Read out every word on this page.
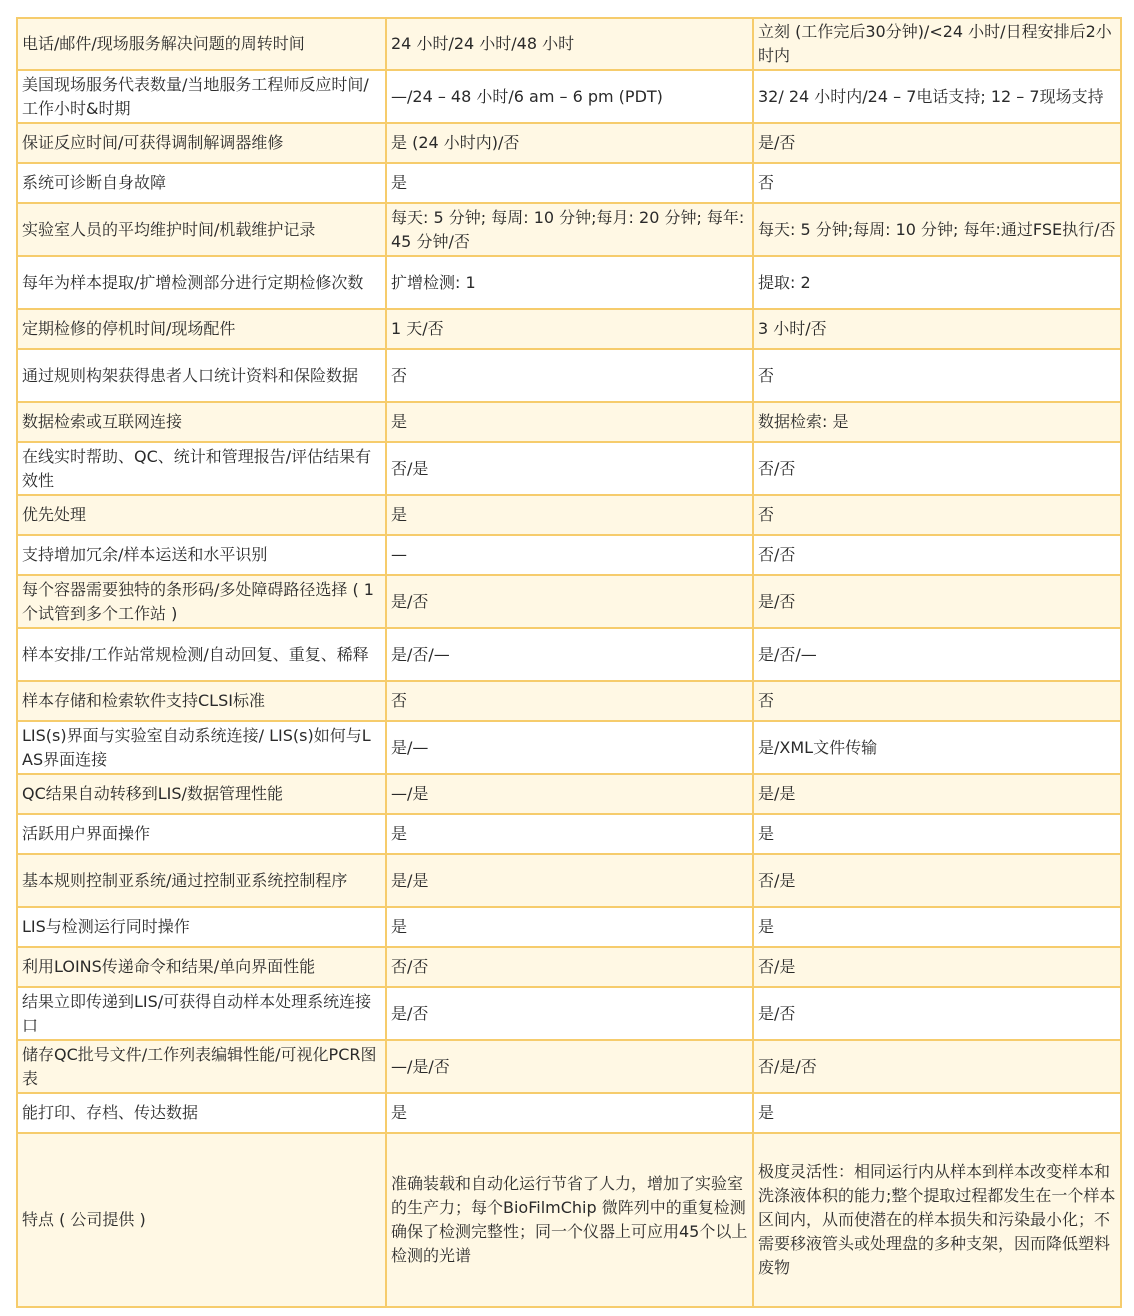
电话/邮件/现场服务解决问题的周转时间	24 小时/24 小时/48 小时	立刻 (工作完后30分钟)/<24 小时/日程安排后2小时内
美国现场服务代表数量/当地服务工程师反应时间/工作小时&时期	—/24 – 48 小时/6 am – 6 pm (PDT)	32/ 24 小时内/24 – 7电话支持; 12 – 7现场支持
保证反应时间/可获得调制解调器维修	是 (24 小时内)/否	是/否
系统可诊断自身故障	是	否
实验室人员的平均维护时间/机载维护记录	每天: 5 分钟; 每周: 10 分钟;每月: 20 分钟; 每年: 45 分钟/否	每天: 5 分钟;每周: 10 分钟; 每年:通过FSE执行/否
每年为样本提取/扩增检测部分进行定期检修次数	扩增检测: 1	提取: 2
定期检修的停机时间/现场配件	1 天/否	3 小时/否
通过规则构架获得患者人口统计资料和保险数据	否	否
数据检索或互联网连接	是	数据检索: 是
在线实时帮助、QC、统计和管理报告/评估结果有效性	否/是	否/否
优先处理	是	否
支持增加冗余/样本运送和水平识别	—	否/否
每个容器需要独特的条形码/多处障碍路径选择 ( 1个试管到多个工作站 )	是/否	是/否
样本安排/工作站常规检测/自动回复、重复、稀释	是/否/—	是/否/—
样本存储和检索软件支持CLSI标准	否	否
LIS(s)界面与实验室自动系统连接/ LIS(s)如何与LAS界面连接	是/—	是/XML文件传输
QC结果自动转移到LIS/数据管理性能	—/是	是/是
活跃用户界面操作	是	是
基本规则控制亚系统/通过控制亚系统控制程序	是/是	否/是
LIS与检测运行同时操作	是	是
利用LOINS传递命令和结果/单向界面性能	否/否	否/是
结果立即传递到LIS/可获得自动样本处理系统连接口	是/否	是/否
储存QC批号文件/工作列表编辑性能/可视化PCR图表	—/是/否	否/是/否
能打印、存档、传达数据	是	是
特点 ( 公司提供 )	准确装载和自动化运行节省了人力，增加了实验室的生产力；每个BioFilmChip 微阵列中的重复检测确保了检测完整性；同一个仪器上可应用45个以上检测的光谱	极度灵活性：相同运行内从样本到样本改变样本和洗涤液体积的能力;整个提取过程都发生在一个样本区间内，从而使潜在的样本损失和污染最小化；不需要移液管头或处理盘的多种支架，因而降低塑料废物
